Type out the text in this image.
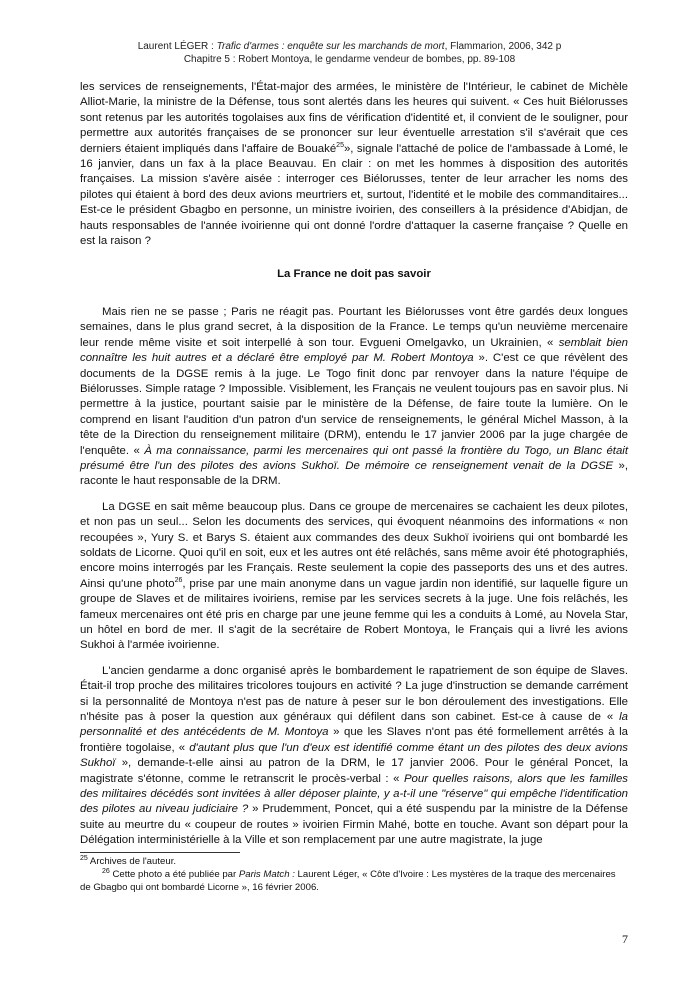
Laurent LÉGER : Trafic d'armes : enquête sur les marchands de mort, Flammarion, 2006, 342 p
Chapitre 5 : Robert Montoya, le gendarme vendeur de bombes, pp. 89-108

les services de renseignements, l'État-major des armées, le ministère de l'Intérieur, le cabinet de Michèle Alliot-Marie, la ministre de la Défense, tous sont alertés dans les heures qui suivent. « Ces huit Biélorusses sont retenus par les autorités togolaises aux fins de vérification d'identité et, il convient de le souligner, pour permettre aux autorités françaises de se prononcer sur leur éventuelle arrestation s'il s'avérait que ces derniers étaient impliqués dans l'affaire de Bouaké$^{25}$», signale l'attaché de police de l'ambassade à Lomé, le 16 janvier, dans un fax à la place Beauvau. En clair : on met les hommes à disposition des autorités françaises. La mission s'avère aisée : interroger ces Biélorusses, tenter de leur arracher les noms des pilotes qui étaient à bord des deux avions meurtriers et, surtout, l'identité et le mobile des commanditaires... Est-ce le président Gbagbo en personne, un ministre ivoirien, des conseillers à la présidence d'Abidjan, de hauts responsables de l'année ivoirienne qui ont donné l'ordre d'attaquer la caserne française ? Quelle en est la raison ?

La France ne doit pas savoir

Mais rien ne se passe ; Paris ne réagit pas. Pourtant les Biélorusses vont être gardés deux longues semaines, dans le plus grand secret, à la disposition de la France. Le temps qu'un neuvième mercenaire leur rende même visite et soit interpellé à son tour. Evgueni Omelgavko, un Ukrainien, « semblait bien connaître les huit autres et a déclaré être employé par M. Robert Montoya ». C'est ce que révèlent des documents de la DGSE remis à la juge. Le Togo finit donc par renvoyer dans la nature l'équipe de Biélorusses. Simple ratage ? Impossible. Visiblement, les Français ne veulent toujours pas en savoir plus. Ni permettre à la justice, pourtant saisie par le ministère de la Défense, de faire toute la lumière. On le comprend en lisant l'audition d'un patron d'un service de renseignements, le général Michel Masson, à la tête de la Direction du renseignement militaire (DRM), entendu le 17 janvier 2006 par la juge chargée de l'enquête. « À ma connaissance, parmi les mercenaires qui ont passé la frontière du Togo, un Blanc était présumé être l'un des pilotes des avions Sukhoï. De mémoire ce renseignement venait de la DGSE », raconte le haut responsable de la DRM.

La DGSE en sait même beaucoup plus. Dans ce groupe de mercenaires se cachaient les deux pilotes, et non pas un seul... Selon les documents des services, qui évoquent néanmoins des informations « non recoupées », Yury S. et Barys S. étaient aux commandes des deux Sukhoï ivoiriens qui ont bombardé les soldats de Licorne. Quoi qu'il en soit, eux et les autres ont été relâchés, sans même avoir été photographiés, encore moins interrogés par les Français. Reste seulement la copie des passeports des uns et des autres. Ainsi qu'une photo$^{26}$, prise par une main anonyme dans un vague jardin non identifié, sur laquelle figure un groupe de Slaves et de militaires ivoiriens, remise par les services secrets à la juge. Une fois relâchés, les fameux mercenaires ont été pris en charge par une jeune femme qui les a conduits à Lomé, au Novela Star, un hôtel en bord de mer. Il s'agit de la secrétaire de Robert Montoya, le Français qui a livré les avions Sukhoi à l'armée ivoirienne.

L'ancien gendarme a donc organisé après le bombardement le rapatriement de son équipe de Slaves. Était-il trop proche des militaires tricolores toujours en activité ? La juge d'instruction se demande carrément si la personnalité de Montoya n'est pas de nature à peser sur le bon déroulement des investigations. Elle n'hésite pas à poser la question aux généraux qui défilent dans son cabinet. Est-ce à cause de « la personnalité et des antécédents de M. Montoya » que les Slaves n'ont pas été formellement arrêtés à la frontière togolaise, « d'autant plus que l'un d'eux est identifié comme étant un des pilotes des deux avions Sukhoï », demande-t-elle ainsi au patron de la DRM, le 17 janvier 2006. Pour le général Poncet, la magistrate s'étonne, comme le retranscrit le procès-verbal : « Pour quelles raisons, alors que les familles des militaires décédés sont invitées à aller déposer plainte, y a-t-il une "réserve" qui empêche l'identification des pilotes au niveau judiciaire ? » Prudemment, Poncet, qui a été suspendu par la ministre de la Défense suite au meurtre du « coupeur de routes » ivoirien Firmin Mahé, botte en touche. Avant son départ pour la Délégation interministérielle à la Ville et son remplacement par une autre magistrate, la juge

$^{25}$ Archives de l'auteur.

$^{26}$ Cette photo a été publiée par Paris Match : Laurent Léger, « Côte d'Ivoire : Les mystères de la traque des mercenaires de Gbagbo qui ont bombardé Licorne », 16 février 2006.

7
